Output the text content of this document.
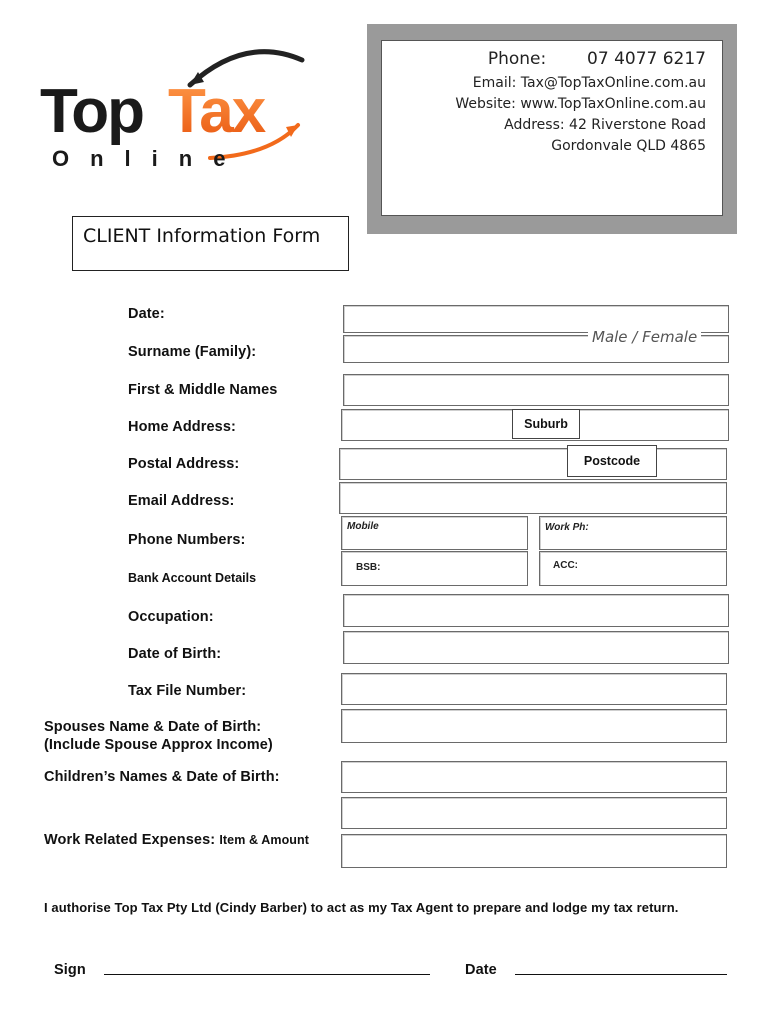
Top Tax
Online
Phone: 07 4077 6217
Email: Tax@TopTaxOnline.com.au
Website: www.TopTaxOnline.com.au
Address: 42 Riverstone Road
Gordonvale QLD 4865
CLIENT Information Form
Date:
Surname (Family):
Male / Female
First & Middle Names
Home Address:	Suburb
Postal Address:	Postcode
Email Address:
Phone Numbers:
Mobile	Work Ph:
Bank Account Details
BSB:	ACC:
Occupation:
Date of Birth:
Tax File Number:
Spouses Name & Date of Birth:
(Include Spouse Approx Income)
Children’s Names & Date of Birth:
Work Related Expenses: Item & Amount
I authorise Top Tax Pty Ltd (Cindy Barber) to act as my Tax Agent to prepare and lodge my tax return.
Sign	Date
